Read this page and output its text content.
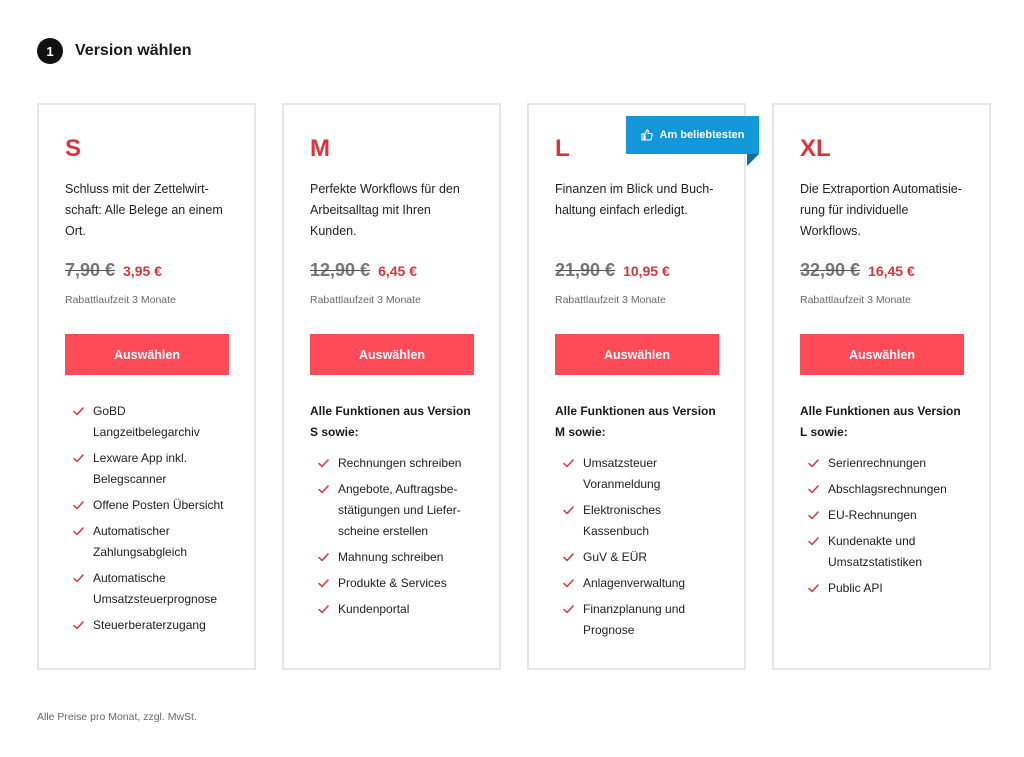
1	Version wählen
S
Schluss mit der Zettelwirt-schaft: Alle Belege an einem Ort.
7,90 € 3,95 €
Rabattlaufzeit 3 Monate
Auswählen
GoBD Langzeitbelegarchiv
Lexware App inkl. Belegscanner
Offene Posten Übersicht
Automatischer Zahlungsabgleich
Automatische Umsatzsteuerprognose
Steuerberaterzugang
M
Perfekte Workflows für den Arbeitsalltag mit Ihren Kunden.
12,90 € 6,45 €
Rabattlaufzeit 3 Monate
Auswählen
Alle Funktionen aus Version S sowie:
Rechnungen schreiben
Angebote, Auftragsbe-stätigungen und Liefer-scheine erstellen
Mahnung schreiben
Produkte & Services
Kundenportal
L
Finanzen im Blick und Buch-haltung einfach erledigt.
21,90 € 10,95 €
Rabattlaufzeit 3 Monate
Auswählen
Alle Funktionen aus Version M sowie:
Umsatzsteuer Voranmeldung
Elektronisches Kassenbuch
GuV & EÜR
Anlagenverwaltung
Finanzplanung und Prognose
XL
Die Extraportion Automatisie-rung für individuelle Workflows.
32,90 € 16,45 €
Rabattlaufzeit 3 Monate
Auswählen
Alle Funktionen aus Version L sowie:
Serienrechnungen
Abschlagsrechnungen
EU-Rechnungen
Kundenakte und Umsatzstatistiken
Public API
Am beliebtesten
Alle Preise pro Monat, zzgl. MwSt.
